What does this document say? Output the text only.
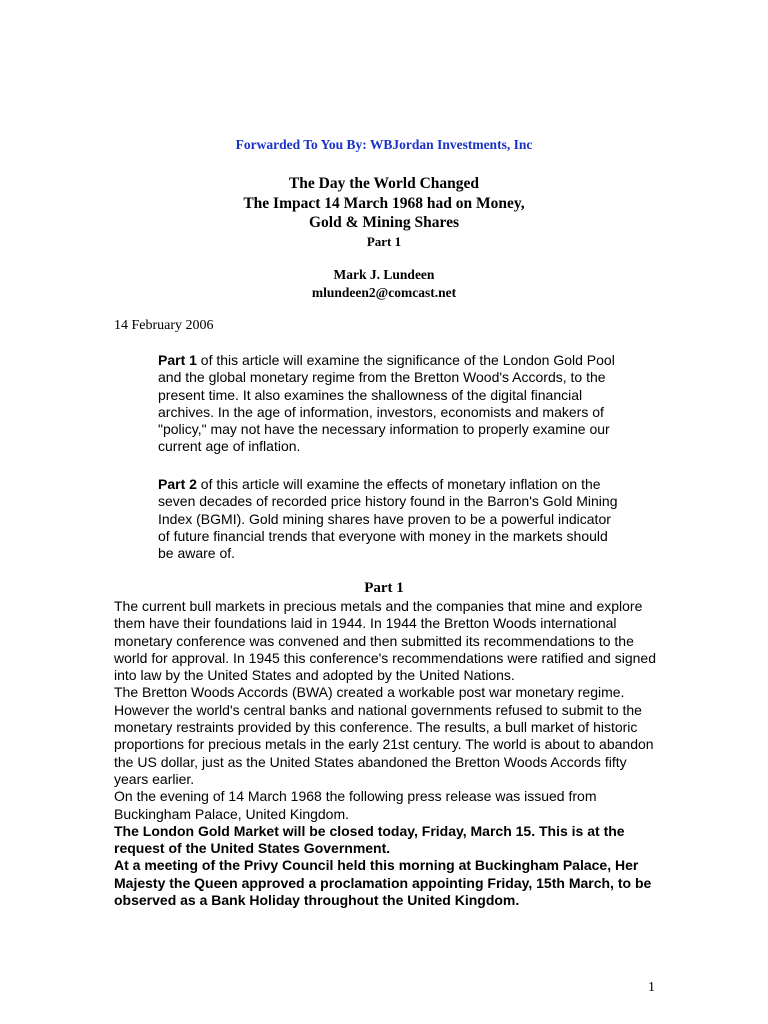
Forwarded To You By: WBJordan Investments, Inc
The Day the World Changed
The Impact 14 March 1968 had on Money,
Gold & Mining Shares
Part 1
Mark J. Lundeen
mlundeen2@comcast.net
14 February 2006
Part 1 of this article will examine the significance of the London Gold Pool and the global monetary regime from the Bretton Wood's Accords, to the present time. It also examines the shallowness of the digital financial archives. In the age of information, investors, economists and makers of "policy," may not have the necessary information to properly examine our current age of inflation.
Part 2 of this article will examine the effects of monetary inflation on the seven decades of recorded price history found in the Barron's Gold Mining Index (BGMI). Gold mining shares have proven to be a powerful indicator of future financial trends that everyone with money in the markets should be aware of.
Part 1

The current bull markets in precious metals and the companies that mine and explore them have their foundations laid in 1944. In 1944 the Bretton Woods international monetary conference was convened and then submitted its recommendations to the world for approval. In 1945 this conference's recommendations were ratified and signed into law by the United States and adopted by the United Nations.

The Bretton Woods Accords (BWA) created a workable post war monetary regime. However the world's central banks and national governments refused to submit to the monetary restraints provided by this conference. The results, a bull market of historic proportions for precious metals in the early 21st century. The world is about to abandon the US dollar, just as the United States abandoned the Bretton Woods Accords fifty years earlier.

On the evening of 14 March 1968 the following press release was issued from Buckingham Palace, United Kingdom.

The London Gold Market will be closed today, Friday, March 15. This is at the request of the United States Government.

At a meeting of the Privy Council held this morning at Buckingham Palace, Her Majesty the Queen approved a proclamation appointing Friday, 15th March, to be observed as a Bank Holiday throughout the United Kingdom.

1
